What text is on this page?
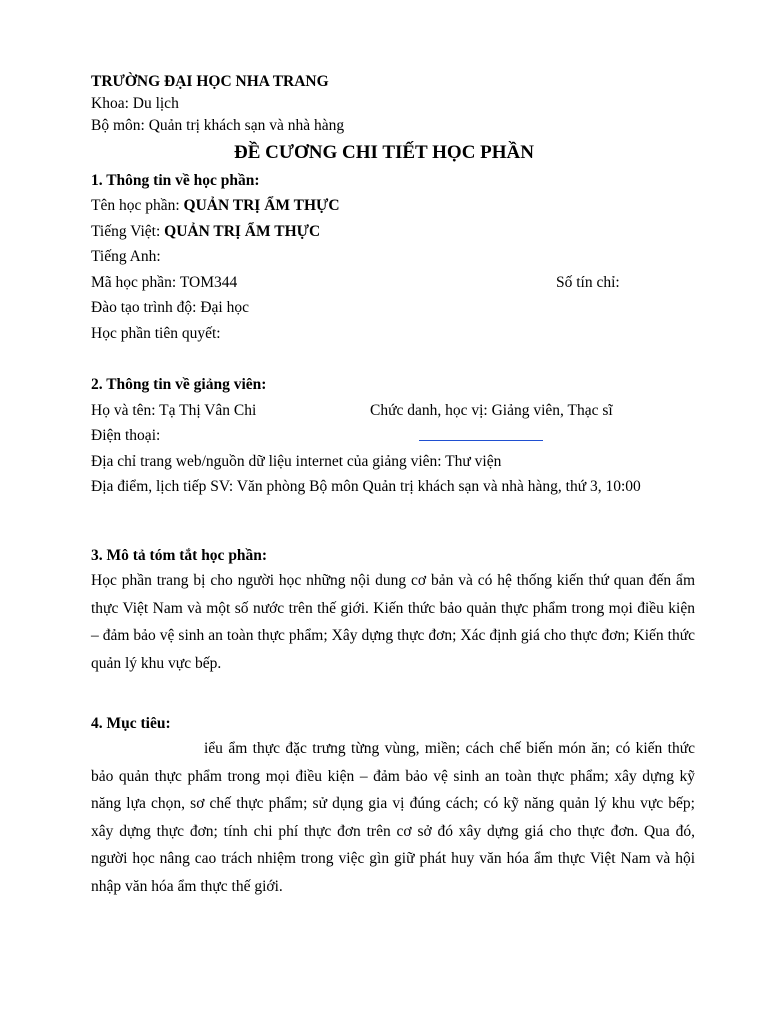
TRƯỜNG ĐẠI HỌC NHA TRANG
Khoa: Du lịch
Bộ môn: Quản trị khách sạn và nhà hàng
ĐỀ CƯƠNG CHI TIẾT HỌC PHẦN
1. Thông tin về học phần:
Tên học phần: QUẢN TRỊ ẨM THỰC
Tiếng Việt: QUẢN TRỊ ẨM THỰC
Tiếng Anh:
Mã học phần: TOM344	Số tín chỉ:
Đào tạo trình độ: Đại học
Học phần tiên quyết:
2. Thông tin về giảng viên:
Họ và tên: Tạ Thị Vân Chi	Chức danh, học vị: Giảng viên, Thạc sĩ
Điện thoại:
Địa chỉ trang web/nguồn dữ liệu internet của giảng viên: Thư viện
Địa điểm, lịch tiếp SV: Văn phòng Bộ môn Quản trị khách sạn và nhà hàng, thứ 3, 10:00
3. Mô tả tóm tắt học phần:
Học phần trang bị cho người học những nội dung cơ bản và có hệ thống kiến thứ quan đến ẩm thực Việt Nam và một số nước trên thế giới. Kiến thức bảo quản thực phẩm trong mọi điều kiện – đảm bảo vệ sinh an toàn thực phẩm; Xây dựng thực đơn; Xác định giá cho thực đơn; Kiến thức quản lý khu vực bếp.
4. Mục tiêu:
iểu ẩm thực đặc trưng từng vùng, miền; cách chế biến món ăn; có kiến thức bảo quản thực phẩm trong mọi điều kiện – đảm bảo vệ sinh an toàn thực phẩm; xây dựng kỹ năng lựa chọn, sơ chế thực phẩm; sử dụng gia vị đúng cách; có kỹ năng quản lý khu vực bếp; xây dựng thực đơn; tính chi phí thực đơn trên cơ sở đó xây dựng giá cho thực đơn. Qua đó, người học nâng cao trách nhiệm trong việc gìn giữ phát huy văn hóa ẩm thực Việt Nam và hội nhập văn hóa ẩm thực thế giới.
